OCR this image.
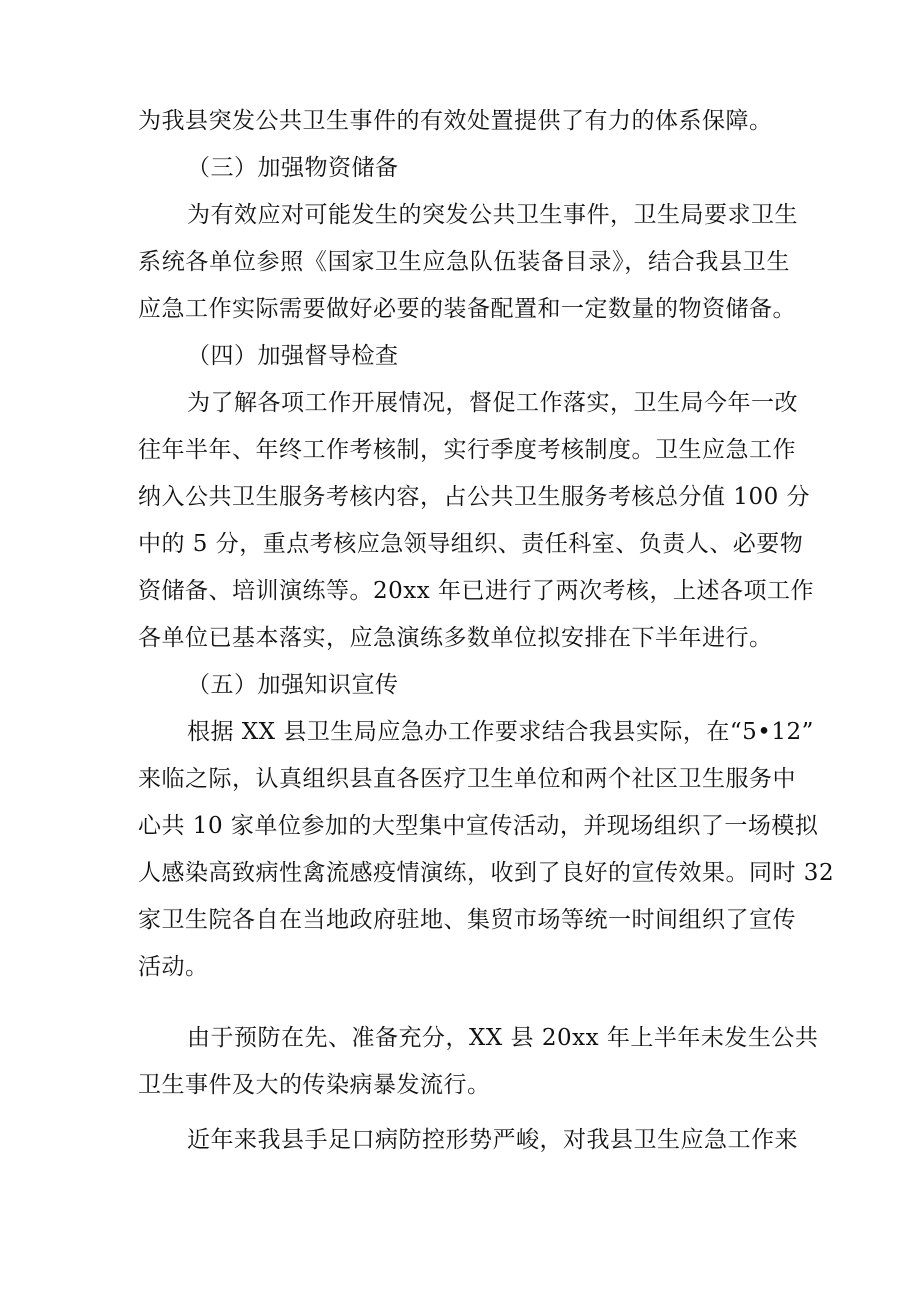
为我县突发公共卫生事件的有效处置提供了有力的体系保障。
（三）加强物资储备
为有效应对可能发生的突发公共卫生事件，卫生局要求卫生
系统各单位参照《国家卫生应急队伍装备目录》，结合我县卫生
应急工作实际需要做好必要的装备配置和一定数量的物资储备。
（四）加强督导检查
为了解各项工作开展情况，督促工作落实，卫生局今年一改
往年半年、年终工作考核制，实行季度考核制度。卫生应急工作
纳入公共卫生服务考核内容，占公共卫生服务考核总分值 100 分
中的 5 分，重点考核应急领导组织、责任科室、负责人、必要物
资储备、培训演练等。20xx 年已进行了两次考核，上述各项工作
各单位已基本落实，应急演练多数单位拟安排在下半年进行。
（五）加强知识宣传
根据 XX 县卫生局应急办工作要求结合我县实际，在“5•12”
来临之际，认真组织县直各医疗卫生单位和两个社区卫生服务中
心共 10 家单位参加的大型集中宣传活动，并现场组织了一场模拟
人感染高致病性禽流感疫情演练，收到了良好的宣传效果。同时 32
家卫生院各自在当地政府驻地、集贸市场等统一时间组织了宣传
活动。
由于预防在先、准备充分，XX 县 20xx 年上半年未发生公共
卫生事件及大的传染病暴发流行。
近年来我县手足口病防控形势严峻，对我县卫生应急工作来
